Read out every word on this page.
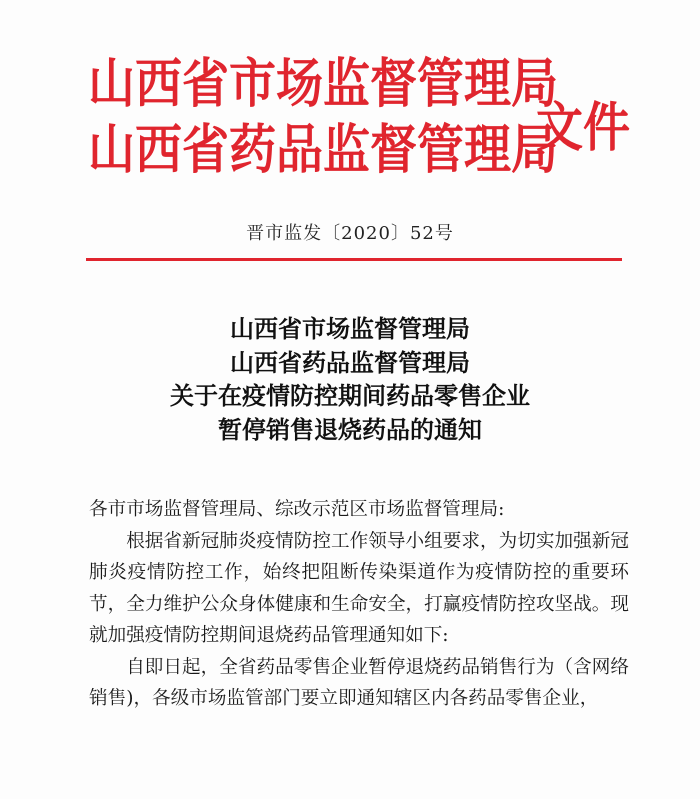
山西省市场监督管理局
山西省药品监督管理局
文件
晋市监发〔2020〕52号
山西省市场监督管理局
山西省药品监督管理局
关于在疫情防控期间药品零售企业
暂停销售退烧药品的通知

各市市场监督管理局、综改示范区市场监督管理局:

根据省新冠肺炎疫情防控工作领导小组要求，为切实加强新冠肺炎疫情防控工作，始终把阻断传染渠道作为疫情防控的重要环节，全力维护公众身体健康和生命安全，打赢疫情防控攻坚战。现就加强疫情防控期间退烧药品管理通知如下:

自即日起，全省药品零售企业暂停退烧药品销售行为（含网络销售)，各级市场监管部门要立即通知辖区内各药品零售企业，
